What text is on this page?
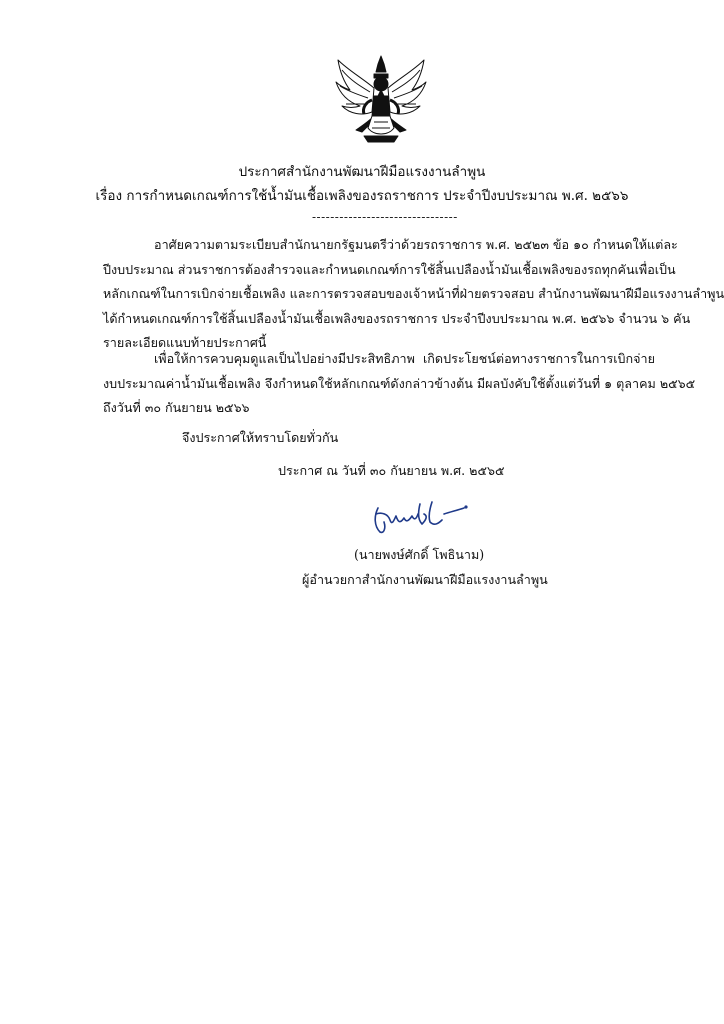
ประกาศสำนักงานพัฒนาฝีมือแรงงานลำพูน
เรื่อง การกำหนดเกณฑ์การใช้น้ำมันเชื้อเพลิงของรถราชการ ประจำปีงบประมาณ พ.ศ. ๒๕๖๖
--------------------------------
อาศัยความตามระเบียบสำนักนายกรัฐมนตรีว่าด้วยรถราชการ พ.ศ. ๒๕๒๓ ข้อ ๑๐ กำหนดให้แต่ละ
ปีงบประมาณ ส่วนราชการต้องสำรวจและกำหนดเกณฑ์การใช้สิ้นเปลืองน้ำมันเชื้อเพลิงของรถทุกคันเพื่อเป็น
หลักเกณฑ์ในการเบิกจ่ายเชื้อเพลิง และการตรวจสอบของเจ้าหน้าที่ฝ่ายตรวจสอบ สำนักงานพัฒนาฝีมือแรงงานลำพูน
ได้กำหนดเกณฑ์การใช้สิ้นเปลืองน้ำมันเชื้อเพลิงของรถราชการ ประจำปีงบประมาณ พ.ศ. ๒๕๖๖ จำนวน ๖ คัน
รายละเอียดแนบท้ายประกาศนี้
เพื่อให้การควบคุมดูแลเป็นไปอย่างมีประสิทธิภาพ เกิดประโยชน์ต่อทางราชการในการเบิกจ่าย
งบประมาณค่าน้ำมันเชื้อเพลิง จึงกำหนดใช้หลักเกณฑ์ดังกล่าวข้างต้น มีผลบังคับใช้ตั้งแต่วันที่ ๑ ตุลาคม ๒๕๖๕
ถึงวันที่ ๓๐ กันยายน ๒๕๖๖
จึงประกาศให้ทราบโดยทั่วกัน
ประกาศ ณ วันที่ ๓๐ กันยายน พ.ศ. ๒๕๖๕
(นายพงษ์ศักดิ์ โพธินาม)
ผู้อำนวยกาสำนักงานพัฒนาฝีมือแรงงานลำพูน
